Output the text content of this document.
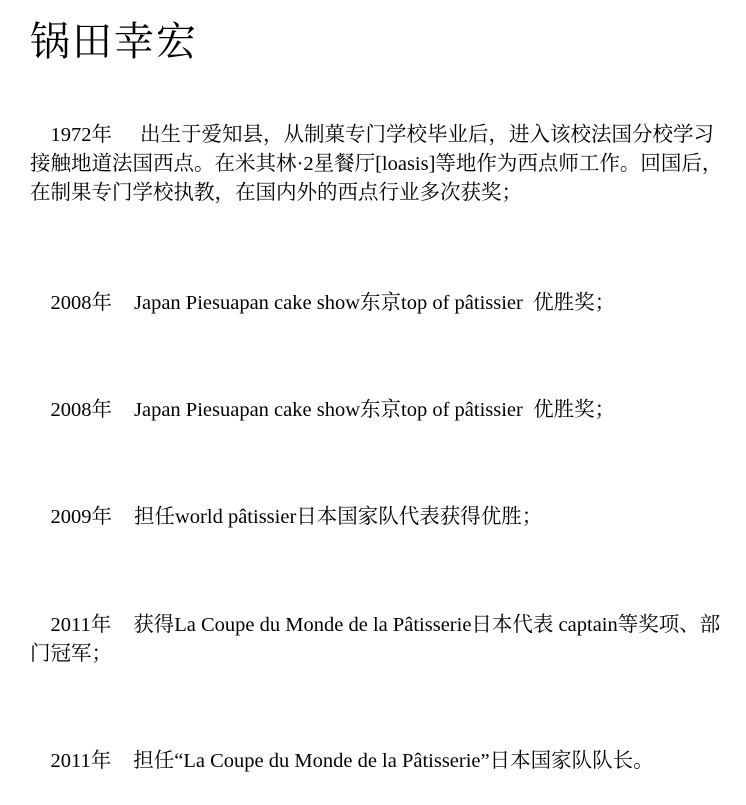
锅田幸宏

1972年 出生于爱知县，从制菓专门学校毕业后，进入该校法国分校学习接触地道法国西点。在米其林·2星餐厅[loasis]等地作为西点师工作。回国后，在制果专门学校执教，在国内外的西点行业多次获奖；

2008年 Japan Piesuapan cake show东京top of pâtissier  优胜奖；

2008年 Japan Piesuapan cake show东京top of pâtissier  优胜奖；

2009年 担任world pâtissier日本国家队代表获得优胜；

2011年 获得La Coupe du Monde de la Pâtisserie日本代表 captain等奖项、部门冠军；

2011年 担任“La Coupe du Monde de la Pâtisserie”日本国家队队长。
